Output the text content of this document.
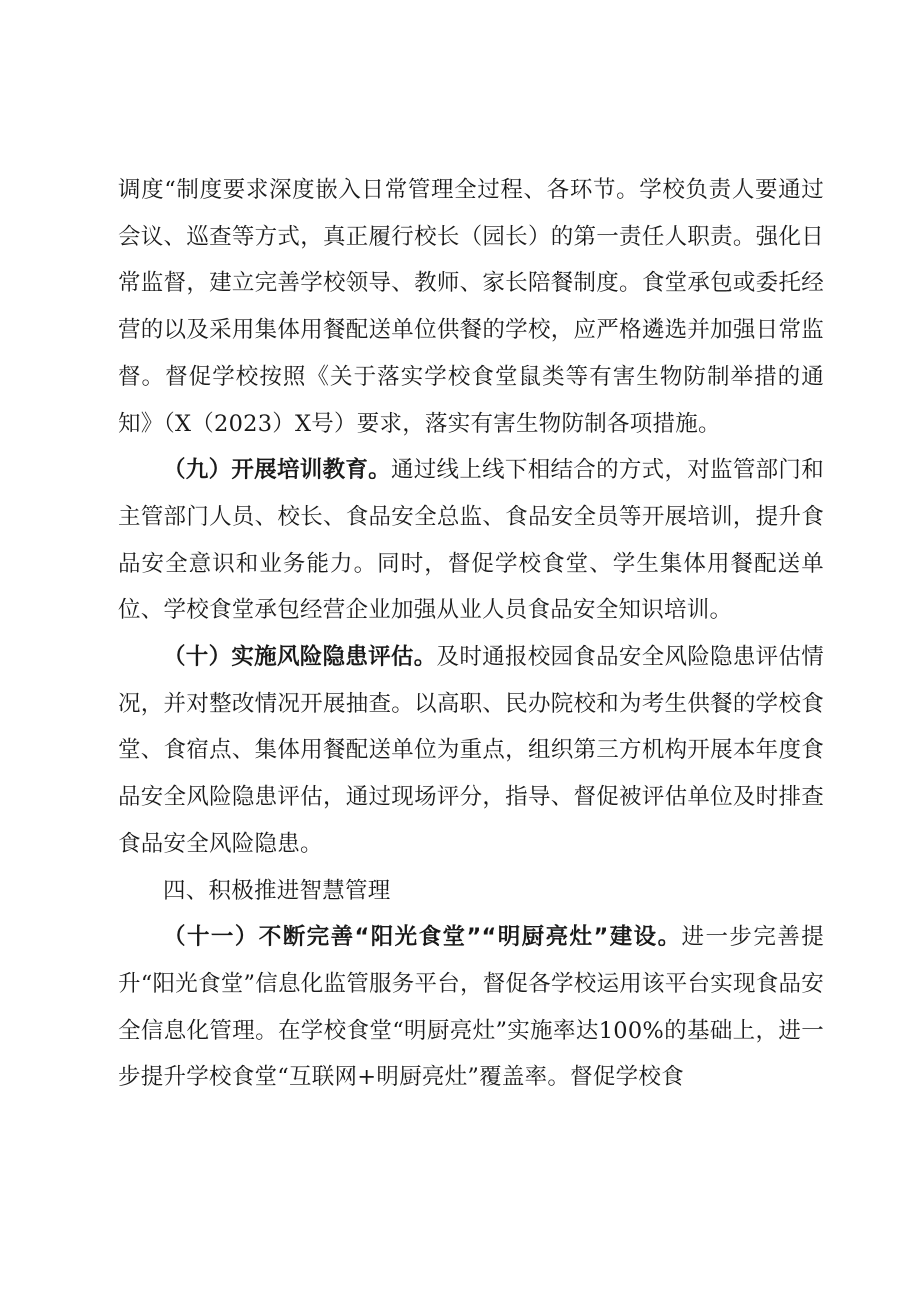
调度“制度要求深度嵌入日常管理全过程、各环节。学校负责人要通过会议、巡查等方式，真正履行校长（园长）的第一责任人职责。强化日常监督，建立完善学校领导、教师、家长陪餐制度。食堂承包或委托经营的以及采用集体用餐配送单位供餐的学校，应严格遴选并加强日常监督。督促学校按照《关于落实学校食堂鼠类等有害生物防制举措的通知》（X（2023）X号）要求，落实有害生物防制各项措施。

（九）开展培训教育。通过线上线下相结合的方式，对监管部门和主管部门人员、校长、食品安全总监、食品安全员等开展培训，提升食品安全意识和业务能力。同时，督促学校食堂、学生集体用餐配送单位、学校食堂承包经营企业加强从业人员食品安全知识培训。

（十）实施风险隐患评估。及时通报校园食品安全风险隐患评估情况，并对整改情况开展抽查。以高职、民办院校和为考生供餐的学校食堂、食宿点、集体用餐配送单位为重点，组织第三方机构开展本年度食品安全风险隐患评估，通过现场评分，指导、督促被评估单位及时排查食品安全风险隐患。

四、积极推进智慧管理

（十一）不断完善“阳光食堂”“明厨亮灶”建设。进一步完善提升“阳光食堂”信息化监管服务平台，督促各学校运用该平台实现食品安全信息化管理。在学校食堂“明厨亮灶”实施率达100%的基础上，进一步提升学校食堂“互联网+明厨亮灶”覆盖率。督促学校食
